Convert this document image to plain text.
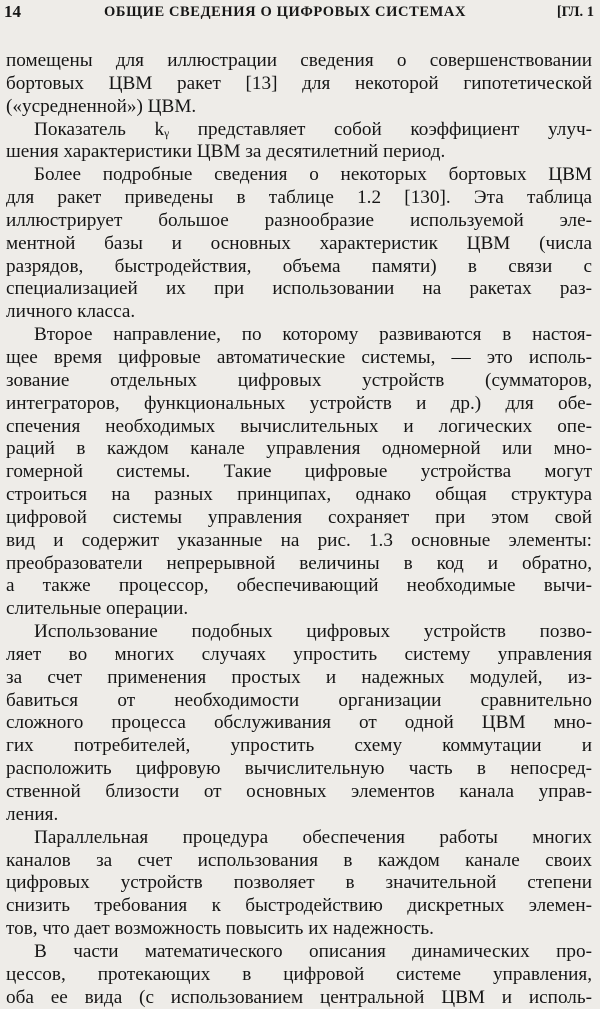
14	ОБЩИЕ СВЕДЕНИЯ О ЦИФРОВЫХ СИСТЕМАХ	[ГЛ. 1
помещены для иллюстрации сведения о совершенствовании
бортовых ЦВМ ракет [13] для некоторой гипотетической
(«усредненной») ЦВМ.
Показатель kᵧ представляет собой коэффициент улуч-
шения характеристики ЦВМ за десятилетний период.
Более подробные сведения о некоторых бортовых ЦВМ
для ракет приведены в таблице 1.2 [130]. Эта таблица
иллюстрирует большое разнообразие используемой эле-
ментной базы и основных характеристик ЦВМ (числа
разрядов, быстродействия, объема памяти) в связи с
специализацией их при использовании на ракетах раз-
личного класса.
Второе направление, по которому развиваются в настоя-
щее время цифровые автоматические системы, — это исполь-
зование отдельных цифровых устройств (сумматоров,
интеграторов, функциональных устройств и др.) для обе-
спечения необходимых вычислительных и логических опе-
раций в каждом канале управления одномерной или мно-
гомерной системы. Такие цифровые устройства могут
строиться на разных принципах, однако общая структура
цифровой системы управления сохраняет при этом свой
вид и содержит указанные на рис. 1.3 основные элементы:
преобразователи непрерывной величины в код и обратно,
а также процессор, обеспечивающий необходимые вычи-
слительные операции.
Использование подобных цифровых устройств позво-
ляет во многих случаях упростить систему управления
за счет применения простых и надежных модулей, из-
бавиться от необходимости организации сравнительно
сложного процесса обслуживания от одной ЦВМ мно-
гих потребителей, упростить схему коммутации и
расположить цифровую вычислительную часть в непосред-
ственной близости от основных элементов канала управ-
ления.
Параллельная процедура обеспечения работы многих
каналов за счет использования в каждом канале своих
цифровых устройств позволяет в значительной степени
снизить требования к быстродействию дискретных элемен-
тов, что дает возможность повысить их надежность.
В части математического описания динамических про-
цессов, протекающих в цифровой системе управления,
оба ее вида (с использованием центральной ЦВМ и исполь-
